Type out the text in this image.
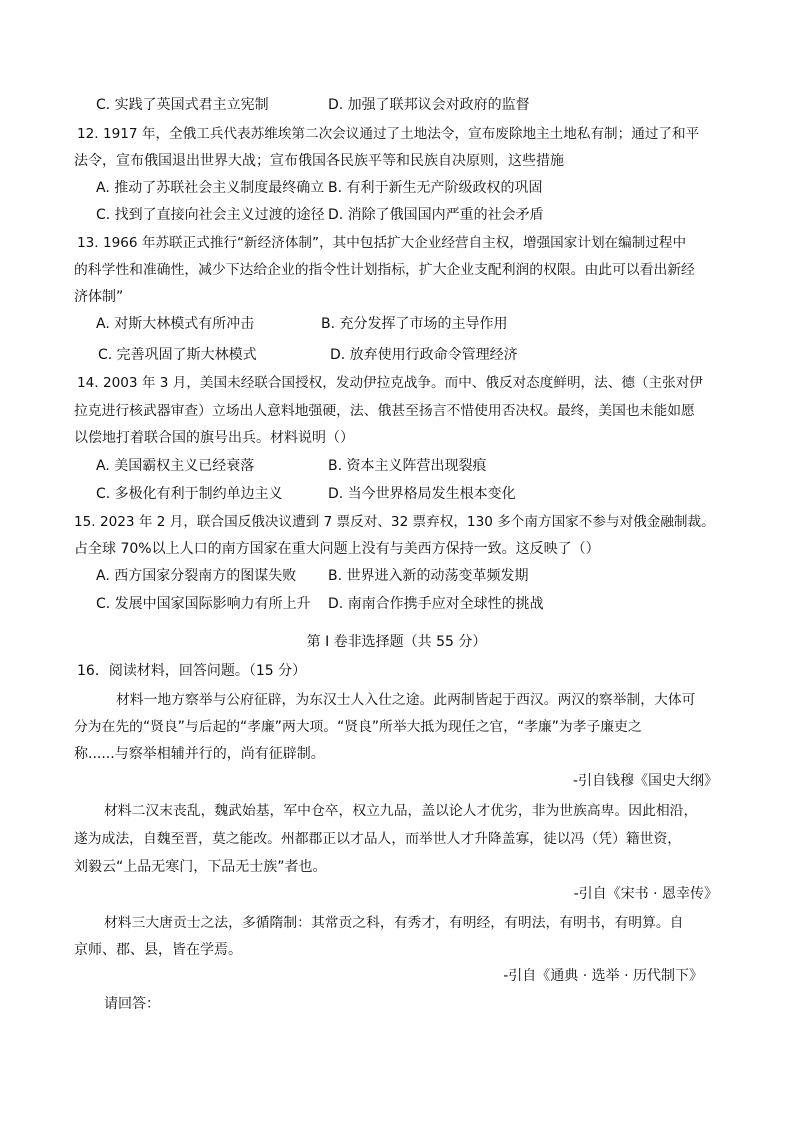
C. 实践了英国式君主立宪制	D. 加强了联邦议会对政府的监督
12. 1917 年，全俄工兵代表苏维埃第二次会议通过了土地法令，宣布废除地主土地私有制；通过了和平
法令，宣布俄国退出世界大战；宣布俄国各民族平等和民族自决原则，这些措施
A. 推动了苏联社会主义制度最终确立 B. 有利于新生无产阶级政权的巩固
C. 找到了直接向社会主义过渡的途径 D. 消除了俄国国内严重的社会矛盾
13. 1966 年苏联正式推行“新经济体制”，其中包括扩大企业经营自主权，增强国家计划在编制过程中
的科学性和准确性，减少下达给企业的指令性计划指标，扩大企业支配利润的权限。由此可以看出新经
济体制”
A. 对斯大林模式有所冲击	B. 充分发挥了市场的主导作用
C. 完善巩固了斯大林模式	D. 放弃使用行政命令管理经济
14. 2003 年 3 月，美国未经联合国授权，发动伊拉克战争。而中、俄反对态度鲜明，法、德（主张对伊
拉克进行核武器审查）立场出人意料地强硬，法、俄甚至扬言不惜使用否决权。最终，美国也未能如愿
以偿地打着联合国的旗号出兵。材料说明（）
A. 美国霸权主义已经衰落	B. 资本主义阵营出现裂痕
C. 多极化有利于制约单边主义	D. 当今世界格局发生根本变化
15. 2023 年 2 月，联合国反俄决议遭到 7 票反对、32 票弃权，130 多个南方国家不参与对俄金融制裁。
占全球 70%以上人口的南方国家在重大问题上没有与美西方保持一致。这反映了（）
A. 西方国家分裂南方的图谋失败 B. 世界进入新的动荡变革频发期
C. 发展中国家国际影响力有所上升 D. 南南合作携手应对全球性的挑战
第 I 卷非选择题（共 55 分）
16．阅读材料，回答问题。（15 分）
材料一地方察举与公府征辟，为东汉士人入仕之途。此两制皆起于西汉。两汉的察举制，大体可
分为在先的“贤良”与后起的“孝廉”两大项。“贤良”所举大抵为现任之官，“孝廉”为孝子廉吏之
称......与察举相辅并行的，尚有征辟制。
-引自钱穆《国史大纲》
材料二汉末丧乱，魏武始基，军中仓卒，权立九品，盖以论人才优劣，非为世族高卑。因此相沿，
遂为成法，自魏至晋，莫之能改。州都郡正以才品人，而举世人才升降盖寡，徒以冯（凭）籍世资，
刘毅云“上品无寒门，下品无士族”者也。
-引自《宋书 · 恩幸传》
材料三大唐贡士之法，多循隋制：其常贡之科，有秀才，有明经，有明法，有明书，有明算。自
京师、郡、县，皆在学焉。
-引自《通典 · 选举 · 历代制下》
请回答：
